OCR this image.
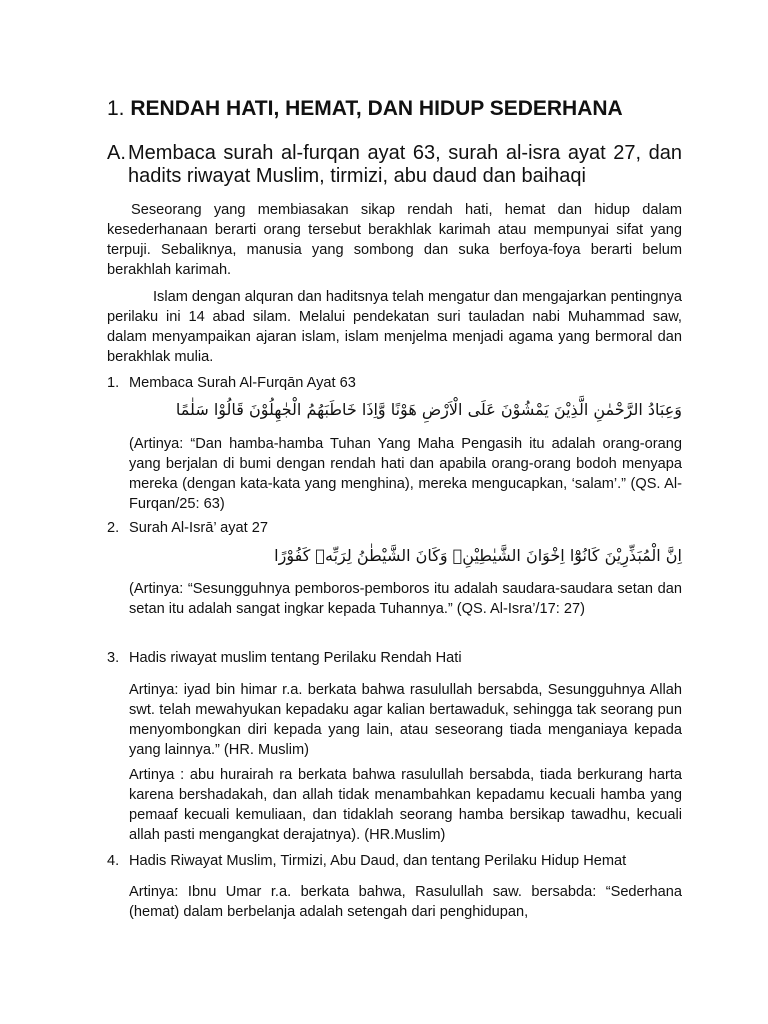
1. RENDAH HATI, HEMAT, DAN HIDUP SEDERHANA
A. Membaca surah al-furqan ayat 63, surah al-isra ayat 27, dan hadits riwayat Muslim, tirmizi, abu daud dan baihaqi
Seseorang yang membiasakan sikap rendah hati, hemat dan hidup dalam kesederhanaan berarti orang tersebut berakhlak karimah atau mempunyai sifat yang terpuji. Sebaliknya, manusia yang sombong dan suka berfoya-foya berarti belum berakhlah karimah.
Islam dengan alquran dan haditsnya telah mengatur dan mengajarkan pentingnya perilaku ini 14 abad silam. Melalui pendekatan suri tauladan nabi Muhammad saw, dalam menyampaikan ajaran islam, islam menjelma menjadi agama yang bermoral dan berakhlak mulia.
1. Membaca Surah Al-Furqān Ayat 63
وَعِبَادُ الرَّحْمٰنِ الَّذِيْنَ يَمْشُوْنَ عَلَى الْاَرْضِ هَوْنًا وَّاِذَا خَاطَبَهُمُ الْجٰهِلُوْنَ قَالُوْا سَلٰمًا
(Artinya: “Dan hamba-hamba Tuhan Yang Maha Pengasih itu adalah orang-orang yang berjalan di bumi dengan rendah hati dan apabila orang-orang bodoh menyapa mereka (dengan kata-kata yang menghina), mereka mengucapkan, ‘salam’.” (QS. Al-Furqan/25: 63)
2. Surah Al-Isrā’ ayat 27
اِنَّ الْمُبَذِّرِيْنَ كَانُوْٓا اِخْوَانَ الشَّيٰطِيْنِۗ وَكَانَ الشَّيْطٰنُ لِرَبِّهٖ كَفُوْرًا
(Artinya: “Sesungguhnya pemboros-pemboros itu adalah saudara-saudara setan dan setan itu adalah sangat ingkar kepada Tuhannya.” (QS. Al-Isra’/17: 27)
3. Hadis riwayat muslim tentang Perilaku Rendah Hati
Artinya: iyad bin himar r.a. berkata bahwa rasulullah bersabda, Sesungguhnya Allah swt. telah mewahyukan kepadaku agar kalian bertawaduk, sehingga tak seorang pun menyombongkan diri kepada yang lain, atau seseorang tiada menganiaya kepada yang lainnya.” (HR. Muslim)
Artinya : abu hurairah ra berkata bahwa rasulullah bersabda, tiada berkurang harta karena bershadakah, dan allah tidak menambahkan kepadamu kecuali hamba yang pemaaf kecuali kemuliaan, dan tidaklah seorang hamba bersikap tawadhu, kecuali allah pasti mengangkat derajatnya). (HR.Muslim)
4. Hadis Riwayat Muslim, Tirmizi, Abu Daud, dan tentang Perilaku Hidup Hemat
Artinya: Ibnu Umar r.a. berkata bahwa, Rasulullah saw. bersabda: “Sederhana (hemat) dalam berbelanja adalah setengah dari penghidupan,
